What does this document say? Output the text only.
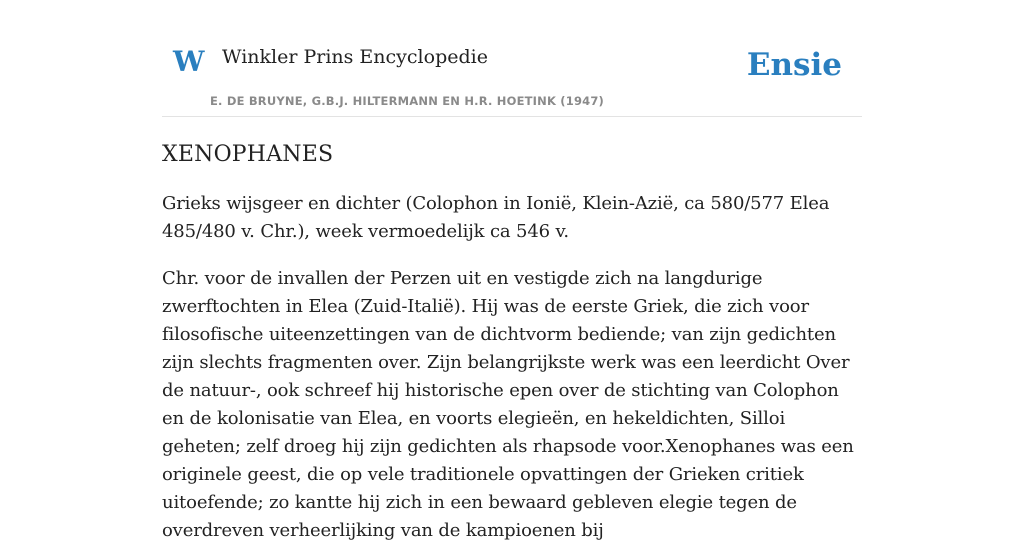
W Winkler Prins Encyclopedie
E. DE BRUYNE, G.B.J. HILTERMANN EN H.R. HOETINK (1947)
Ensie
XENOPHANES

Grieks wijsgeer en dichter (Colophon in Ionië, Klein-Azië, ca 580/577 Elea 485/480 v. Chr.), week vermoedelijk ca 546 v.

Chr. voor de invallen der Perzen uit en vestigde zich na langdurige zwerftochten in Elea (Zuid-Italië). Hij was de eerste Griek, die zich voor filosofische uiteenzettingen van de dichtvorm bediende; van zijn gedichten zijn slechts fragmenten over. Zijn belangrijkste werk was een leerdicht Over de natuur-, ook schreef hij historische epen over de stichting van Colophon en de kolonisatie van Elea, en voorts elegieën, en hekeldichten, Silloi geheten; zelf droeg hij zijn gedichten als rhapsode voor.Xenophanes was een originele geest, die op vele traditionele opvattingen der Grieken critiek uitoefende; zo kantte hij zich in een bewaard gebleven elegie tegen de overdreven verheerlijking van de kampioenen bij
